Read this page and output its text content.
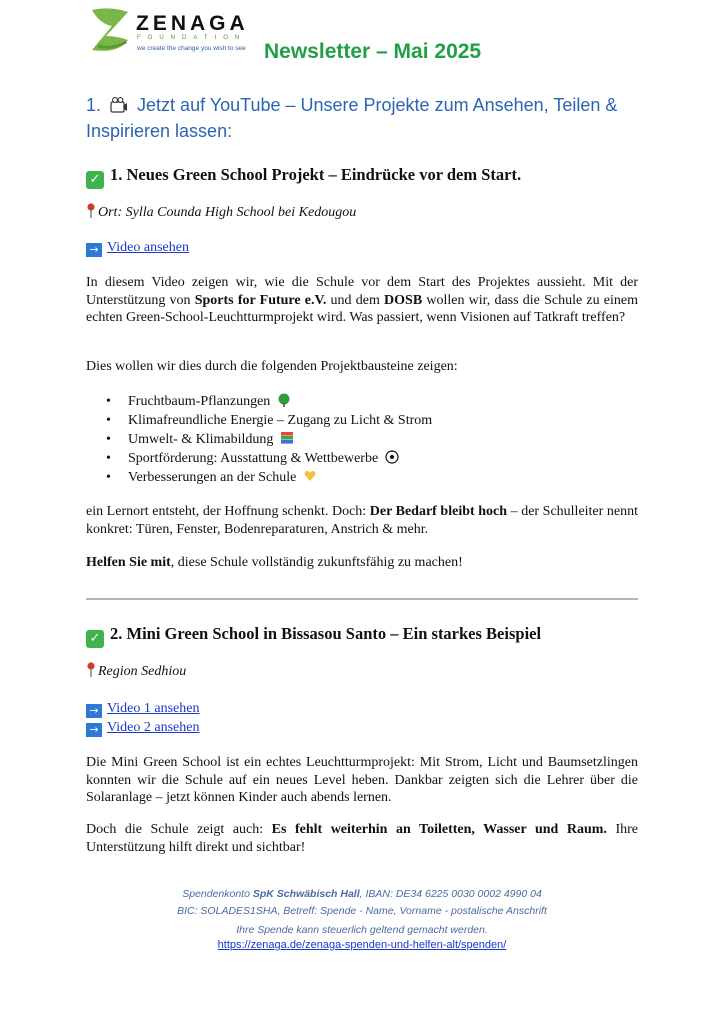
ZENAGA
FOUNDATION
we create the change you wish to see Newsletter – Mai 2025
1. Jetzt auf YouTube – Unsere Projekte zum Ansehen, Teilen & Inspirieren lassen:
✓ 1. Neues Green School Projekt – Eindrücke vor dem Start.
Ort: Sylla Counda High School bei Kedougou
→ Video ansehen

In diesem Video zeigen wir, wie die Schule vor dem Start des Projektes aussieht. Mit der Unterstützung von Sports for Future e.V. und dem DOSB wollen wir, dass die Schule zu einem echten Green-School-Leuchtturmprojekt wird. Was passiert, wenn Visionen auf Tatkraft treffen?

Dies wollen wir dies durch die folgenden Projektbausteine zeigen:

• Fruchtbaum-Pflanzungen
• Klimafreundliche Energie – Zugang zu Licht & Strom
• Umwelt- & Klimabildung
• Sportförderung: Ausstattung & Wettbewerbe
• Verbesserungen an der Schule

ein Lernort entsteht, der Hoffnung schenkt. Doch: Der Bedarf bleibt hoch – der Schulleiter nennt konkret: Türen, Fenster, Bodenreparaturen, Anstrich & mehr.

Helfen Sie mit, diese Schule vollständig zukunftsfähig zu machen!

✓ 2. Mini Green School in Bissasou Santo – Ein starkes Beispiel
Region Sedhiou
→ Video 1 ansehen
→ Video 2 ansehen

Die Mini Green School ist ein echtes Leuchtturmprojekt: Mit Strom, Licht und Baumsetzlingen konnten wir die Schule auf ein neues Level heben. Dankbar zeigten sich die Lehrer über die Solaranlage – jetzt können Kinder auch abends lernen.

Doch die Schule zeigt auch: Es fehlt weiterhin an Toiletten, Wasser und Raum. Ihre Unterstützung hilft direkt und sichtbar!

Spendenkonto SpK Schwäbisch Hall, IBAN: DE34 6225 0030 0002 4990 04
BIC: SOLADES1SHA, Betreff: Spende - Name, Vorname - postalische Anschrift
Ihre Spende kann steuerlich geltend gemacht werden.
https://zenaga.de/zenaga-spenden-und-helfen-alt/spenden/
